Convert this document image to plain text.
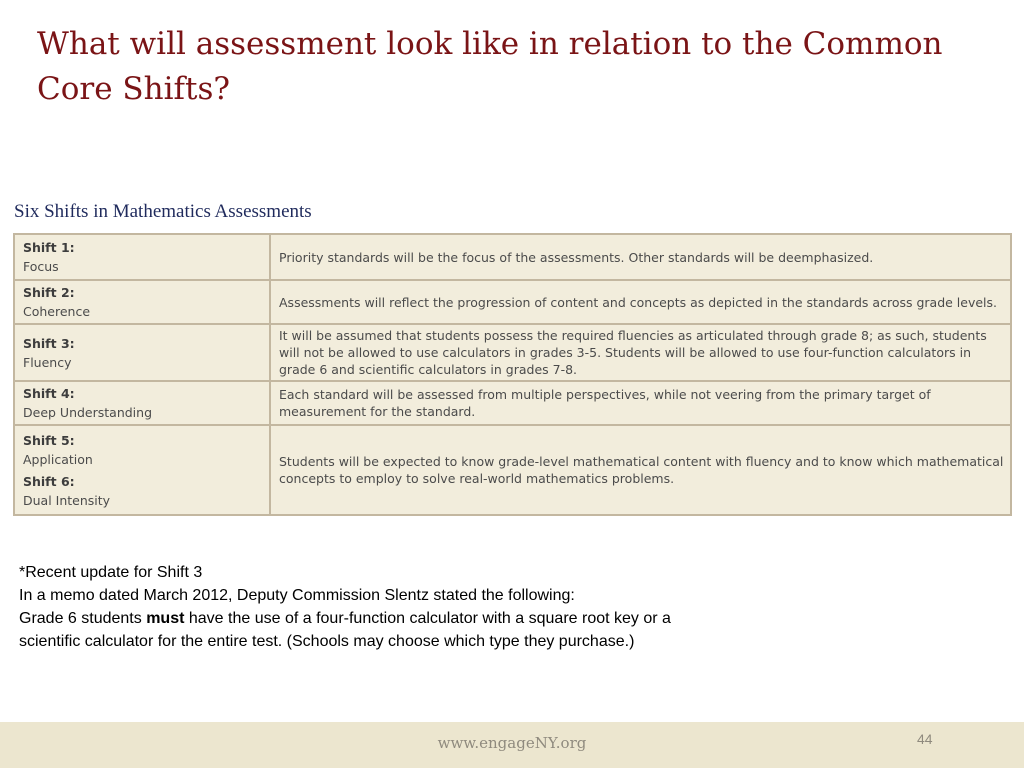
What will assessment look like in relation to the Common Core Shifts?
Six Shifts in Mathematics Assessments
Shift 1:
Focus	Priority standards will be the focus of the assessments. Other standards will be deemphasized.

Shift 2:
Coherence	Assessments will reflect the progression of content and concepts as depicted in the standards across grade levels.

Shift 3:
Fluency	It will be assumed that students possess the required fluencies as articulated through grade 8; as such, students will not be allowed to use calculators in grades 3-5. Students will be allowed to use four-function calculators in grade 6 and scientific calculators in grades 7-8.

Shift 4:
Deep Understanding	Each standard will be assessed from multiple perspectives, while not veering from the primary target of measurement for the standard.

Shift 5:
Application
Shift 6:
Dual Intensity	Students will be expected to know grade-level mathematical content with fluency and to know which mathematical concepts to employ to solve real-world mathematics problems.

*Recent update for Shift 3

In a memo dated March 2012, Deputy Commission Slentz stated the following:

Grade 6 students must have the use of a four-function calculator with a square root key or a scientific calculator for the entire test. (Schools may choose which type they purchase.)

www.engageNY.org	44
